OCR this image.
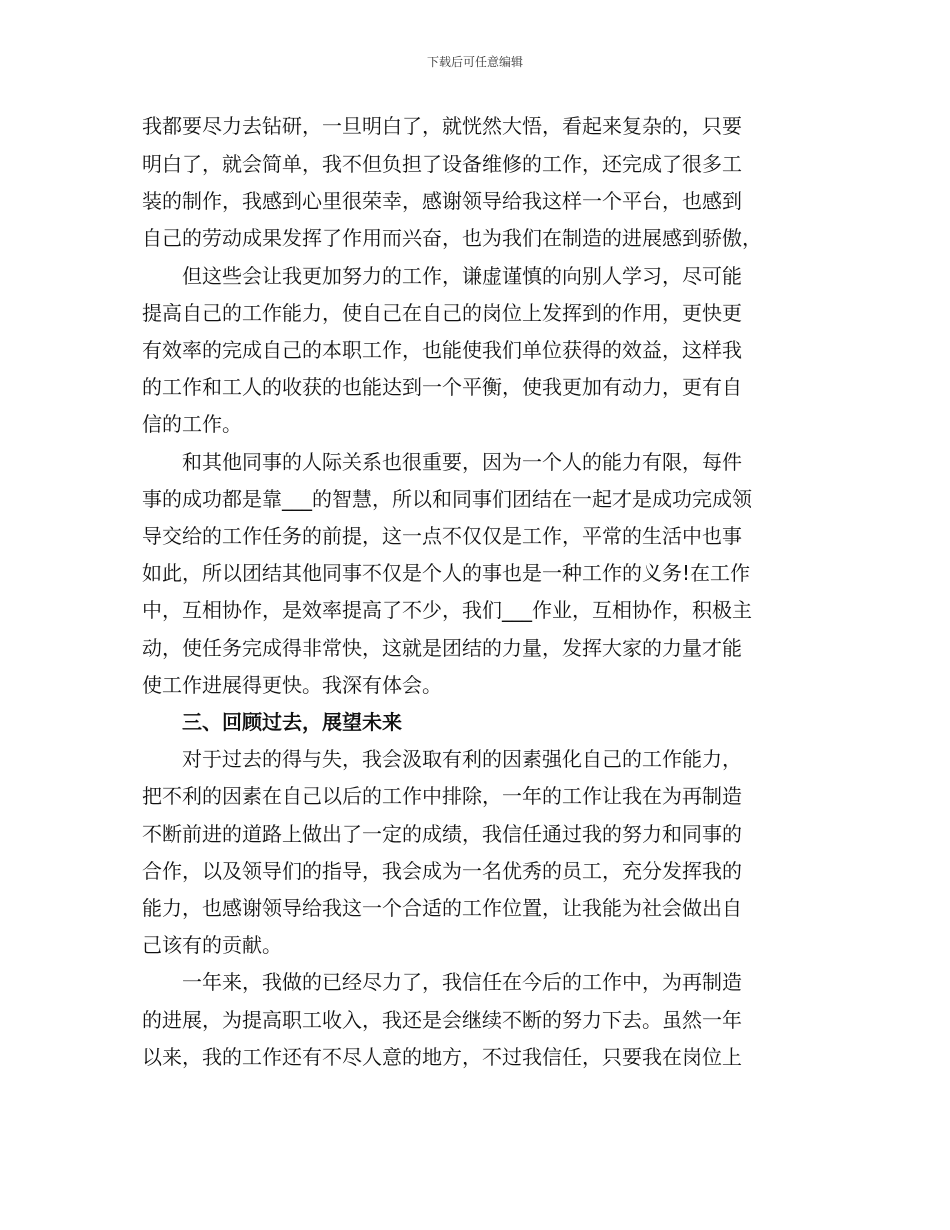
下载后可任意编辑
我都要尽力去钻研，一旦明白了，就恍然大悟，看起来复杂的，只要
明白了，就会简单，我不但负担了设备维修的工作，还完成了很多工
装的制作，我感到心里很荣幸，感谢领导给我这样一个平台，也感到
自己的劳动成果发挥了作用而兴奋，也为我们在制造的进展感到骄傲，
　　但这些会让我更加努力的工作，谦虚谨慎的向别人学习，尽可能
提高自己的工作能力，使自己在自己的岗位上发挥到的作用，更快更
有效率的完成自己的本职工作，也能使我们单位获得的效益，这样我
的工作和工人的收获的也能达到一个平衡，使我更加有动力，更有自
信的工作。
　　和其他同事的人际关系也很重要，因为一个人的能力有限，每件
事的成功都是靠___的智慧，所以和同事们团结在一起才是成功完成领
导交给的工作任务的前提，这一点不仅仅是工作，平常的生活中也事
如此，所以团结其他同事不仅是个人的事也是一种工作的义务!在工作
中，互相协作，是效率提高了不少，我们___作业，互相协作，积极主
动，使任务完成得非常快，这就是团结的力量，发挥大家的力量才能
使工作进展得更快。我深有体会。
　　三、回顾过去，展望未来
　　对于过去的得与失，我会汲取有利的因素强化自己的工作能力，
把不利的因素在自己以后的工作中排除，一年的工作让我在为再制造
不断前进的道路上做出了一定的成绩，我信任通过我的努力和同事的
合作，以及领导们的指导，我会成为一名优秀的员工，充分发挥我的
能力，也感谢领导给我这一个合适的工作位置，让我能为社会做出自
己该有的贡献。
　　一年来，我做的已经尽力了，我信任在今后的工作中，为再制造
的进展，为提高职工收入，我还是会继续不断的努力下去。虽然一年
以来，我的工作还有不尽人意的地方，不过我信任，只要我在岗位上
